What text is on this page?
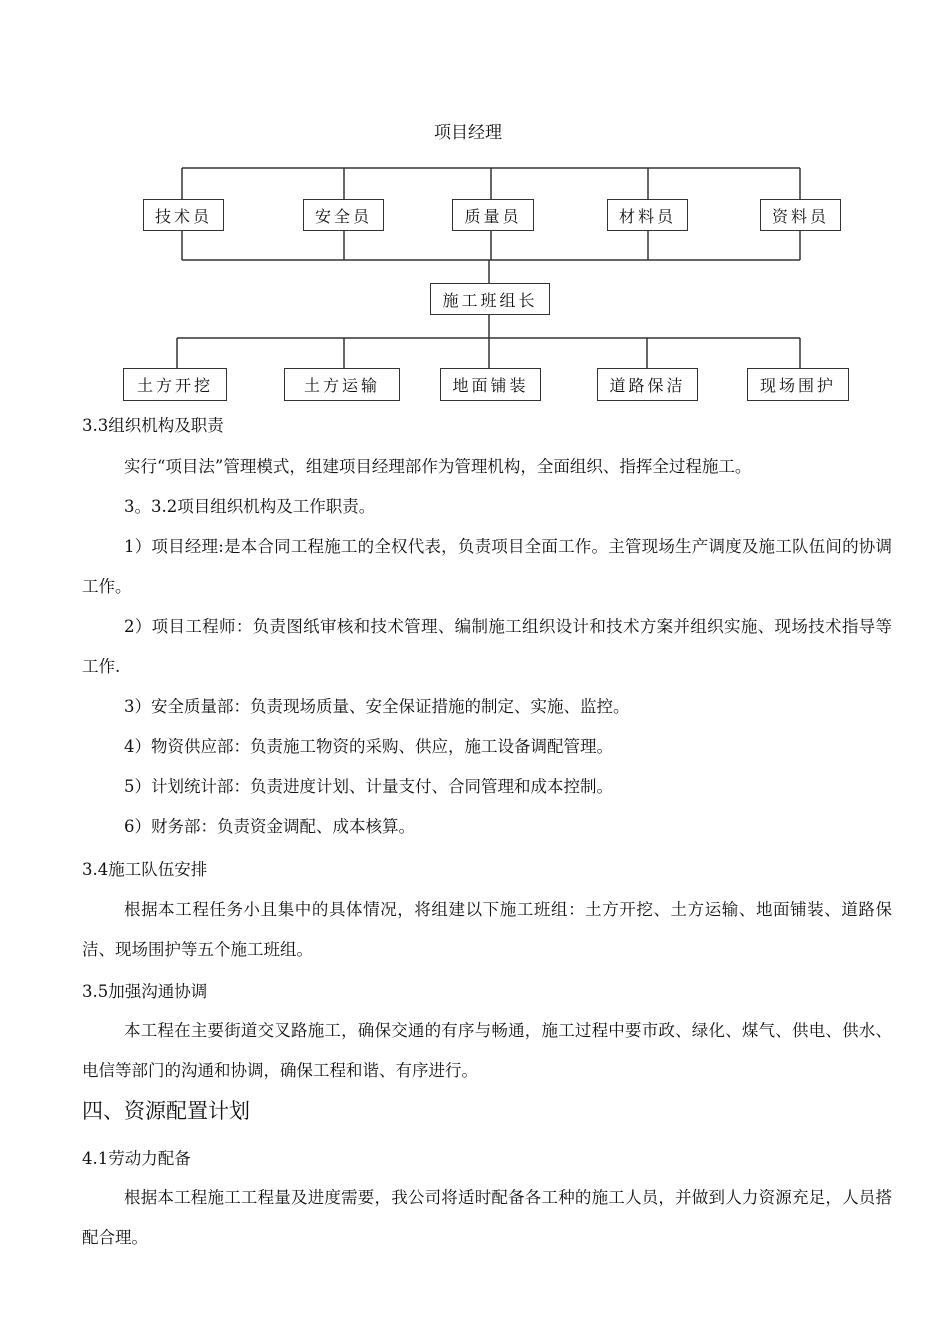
项目经理
技术员	安全员	质量员	材料员	资料员
施工班组长
土方开挖	土方运输	地面铺装	道路保洁	现场围护
3.3组织机构及职责
实行“项目法”管理模式，组建项目经理部作为管理机构，全面组织、指挥全过程施工。
3。3.2项目组织机构及工作职责。
1）项目经理:是本合同工程施工的全权代表，负责项目全面工作。主管现场生产调度及施工队伍间的协调工作。
2）项目工程师：负责图纸审核和技术管理、编制施工组织设计和技术方案并组织实施、现场技术指导等工作.
3）安全质量部：负责现场质量、安全保证措施的制定、实施、监控。
4）物资供应部：负责施工物资的采购、供应，施工设备调配管理。
5）计划统计部：负责进度计划、计量支付、合同管理和成本控制。
6）财务部：负责资金调配、成本核算。
3.4施工队伍安排
根据本工程任务小且集中的具体情况，将组建以下施工班组：土方开挖、土方运输、地面铺装、道路保洁、现场围护等五个施工班组。
3.5加强沟通协调
本工程在主要街道交叉路施工，确保交通的有序与畅通，施工过程中要市政、绿化、煤气、供电、供水、电信等部门的沟通和协调，确保工程和谐、有序进行。
四、资源配置计划
4.1劳动力配备
根据本工程施工工程量及进度需要，我公司将适时配备各工种的施工人员，并做到人力资源充足，人员搭配合理。
